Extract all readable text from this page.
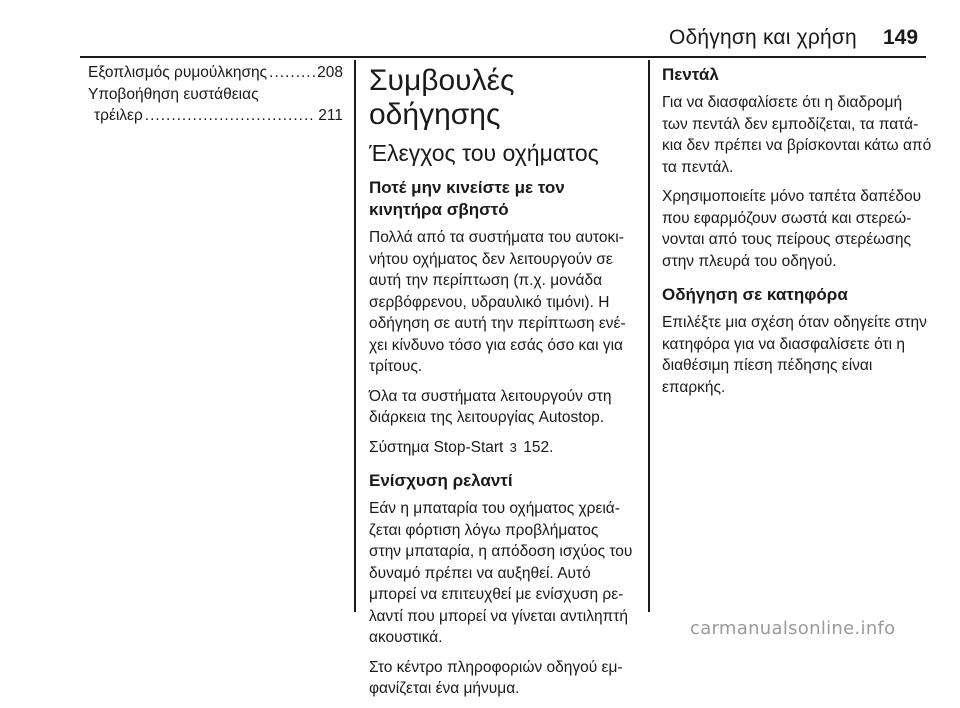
Οδήγηση και χρήση 149
Εξοπλισμός ρυμούλκησης .....	208
Υποβοήθηση ευστάθειας
τρέιλερ .....	211
Συμβουλές οδήγησης
Έλεγχος του οχήματος
Ποτέ μην κινείστε με τον κινητήρα σβηστό

Πολλά από τα συστήματα του αυτοκινήτου οχήματος δεν λειτουργούν σε αυτή την περίπτωση (π.χ. μονάδα σερβόφρενου, υδραυλικό τιμόνι). Η οδήγηση σε αυτή την περίπτωση ενέχει κίνδυνο τόσο για εσάς όσο και για τρίτους.

Όλα τα συστήματα λειτουργούν στη διάρκεια της λειτουργίας Autostop.

Σύστημα Stop-Start 3 152.

Ενίσχυση ρελαντί

Εάν η μπαταρία του οχήματος χρειάζεται φόρτιση λόγω προβλήματος στην μπαταρία, η απόδοση ισχύος του δυναμό πρέπει να αυξηθεί. Αυτό μπορεί να επιτευχθεί με ενίσχυση ρελαντί που μπορεί να γίνεται αντιληπτή ακουστικά.

Στο κέντρο πληροφοριών οδηγού εμφανίζεται ένα μήνυμα.

Πεντάλ

Για να διασφαλίσετε ότι η διαδρομή των πεντάλ δεν εμποδίζεται, τα πατάκια δεν πρέπει να βρίσκονται κάτω από τα πεντάλ.

Χρησιμοποιείτε μόνο ταπέτα δαπέδου που εφαρμόζουν σωστά και στερεώνονται από τους πείρους στερέωσης στην πλευρά του οδηγού.

Οδήγηση σε κατηφόρα

Επιλέξτε μια σχέση όταν οδηγείτε στην κατηφόρα για να διασφαλίσετε ότι η διαθέσιμη πίεση πέδησης είναι επαρκής.

carmanualsonline.info
